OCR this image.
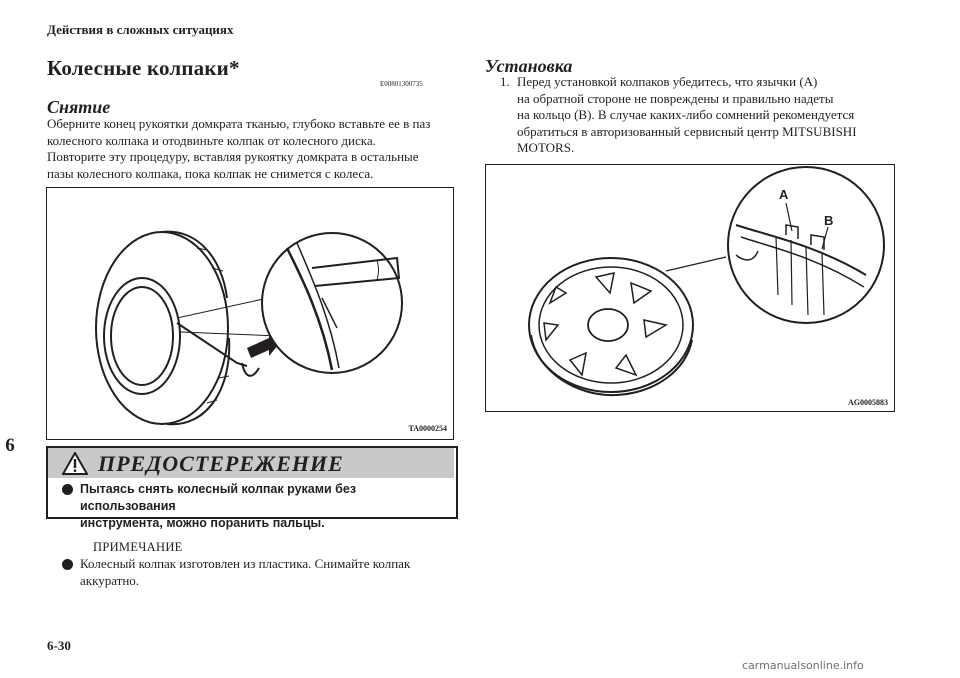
Действия в сложных ситуациях
Колесные колпаки*
E00801300735
Снятие
Оберните конец рукоятки домкрата тканью, глубоко вставьте ее в паз
колесного колпака и отодвиньте колпак от колесного диска.
Повторите эту процедуру, вставляя рукоятку домкрата в остальные
пазы колесного колпака, пока колпак не снимется с колеса.
TA0000254
6
ПРЕДОСТЕРЕЖЕНИЕ
Пытаясь снять колесный колпак руками без использования
инструмента, можно поранить пальцы.
ПРИМЕЧАНИЕ
Колесный колпак изготовлен из пластика. Снимайте колпак
аккуратно.
Установка
1. Перед установкой колпаков убедитесь, что язычки (A)
на обратной стороне не повреждены и правильно надеты
на кольцо (B). В случае каких-либо сомнений рекомендуется
обратиться в авторизованный сервисный центр MITSUBISHI
MOTORS.
A
B
AG0005883
6-30
carmanualsonline.info
